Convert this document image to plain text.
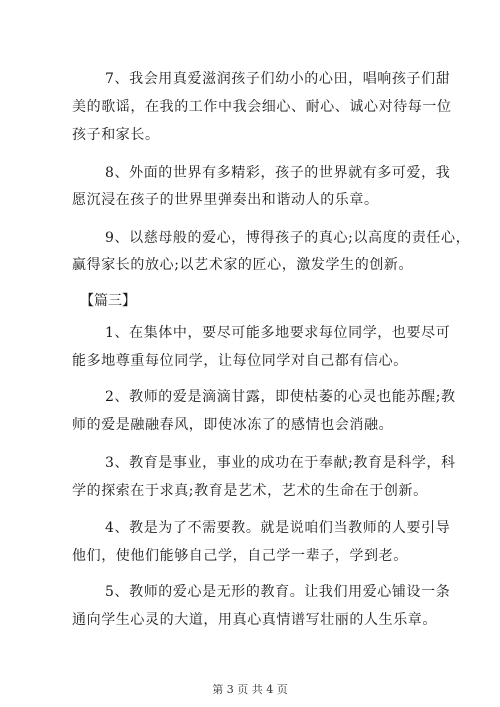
7、我会用真爱滋润孩子们幼小的心田，唱响孩子们甜
美的歌谣，在我的工作中我会细心、耐心、诚心对待每一位
孩子和家长。
8、外面的世界有多精彩，孩子的世界就有多可爱，我
愿沉浸在孩子的世界里弹奏出和谐动人的乐章。
9、以慈母般的爱心，博得孩子的真心;以高度的责任心，
赢得家长的放心;以艺术家的匠心，激发学生的创新。
【篇三】
1、在集体中，要尽可能多地要求每位同学，也要尽可
能多地尊重每位同学，让每位同学对自己都有信心。
2、教师的爱是滴滴甘露，即使枯萎的心灵也能苏醒;教
师的爱是融融春风，即使冰冻了的感情也会消融。
3、教育是事业，事业的成功在于奉献;教育是科学，科
学的探索在于求真;教育是艺术，艺术的生命在于创新。
4、教是为了不需要教。就是说咱们当教师的人要引导
他们，使他们能够自己学，自己学一辈子，学到老。
5、教师的爱心是无形的教育。让我们用爱心铺设一条
通向学生心灵的大道，用真心真情谱写壮丽的人生乐章。
第 3 页 共 4 页
